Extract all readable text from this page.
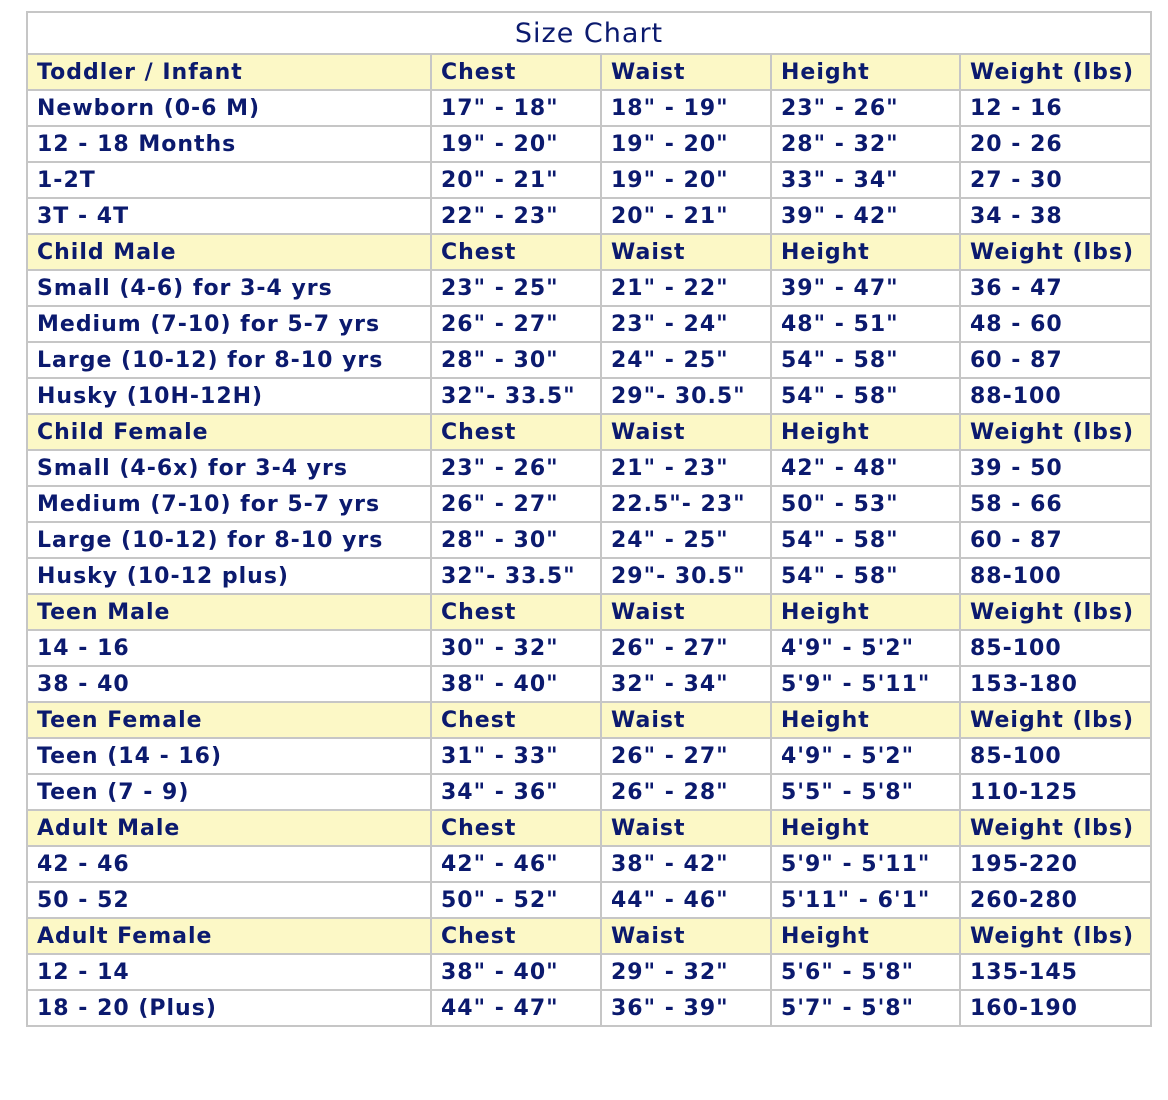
Size Chart				
Toddler / Infant	Chest	Waist	Height	Weight (lbs)
Newborn (0-6 M)	17" - 18"	18" - 19"	23" - 26"	12 - 16
12 - 18 Months	19" - 20"	19" - 20"	28" - 32"	20 - 26
1-2T	20" - 21"	19" - 20"	33" - 34"	27 - 30
3T - 4T	22" - 23"	20" - 21"	39" - 42"	34 - 38
Child Male	Chest	Waist	Height	Weight (lbs)
Small (4-6) for 3-4 yrs	23" - 25"	21" - 22"	39" - 47"	36 - 47
Medium (7-10) for 5-7 yrs	26" - 27"	23" - 24"	48" - 51"	48 - 60
Large (10-12) for 8-10 yrs	28" - 30"	24" - 25"	54" - 58"	60 - 87
Husky (10H-12H)	32"- 33.5"	29"- 30.5"	54" - 58"	88-100
Child Female	Chest	Waist	Height	Weight (lbs)
Small (4-6x) for 3-4 yrs	23" - 26"	21" - 23"	42" - 48"	39 - 50
Medium (7-10) for 5-7 yrs	26" - 27"	22.5"- 23"	50" - 53"	58 - 66
Large (10-12) for 8-10 yrs	28" - 30"	24" - 25"	54" - 58"	60 - 87
Husky (10-12 plus)	32"- 33.5"	29"- 30.5"	54" - 58"	88-100
Teen Male	Chest	Waist	Height	Weight (lbs)
14 - 16	30" - 32"	26" - 27"	4'9" - 5'2"	85-100
38 - 40	38" - 40"	32" - 34"	5'9" - 5'11"	153-180
Teen Female	Chest	Waist	Height	Weight (lbs)
Teen (14 - 16)	31" - 33"	26" - 27"	4'9" - 5'2"	85-100
Teen (7 - 9)	34" - 36"	26" - 28"	5'5" - 5'8"	110-125
Adult Male	Chest	Waist	Height	Weight (lbs)
42 - 46	42" - 46"	38" - 42"	5'9" - 5'11"	195-220
50 - 52	50" - 52"	44" - 46"	5'11" - 6'1"	260-280
Adult Female	Chest	Waist	Height	Weight (lbs)
12 - 14	38" - 40"	29" - 32"	5'6" - 5'8"	135-145
18 - 20 (Plus)	44" - 47"	36" - 39"	5'7" - 5'8"	160-190
